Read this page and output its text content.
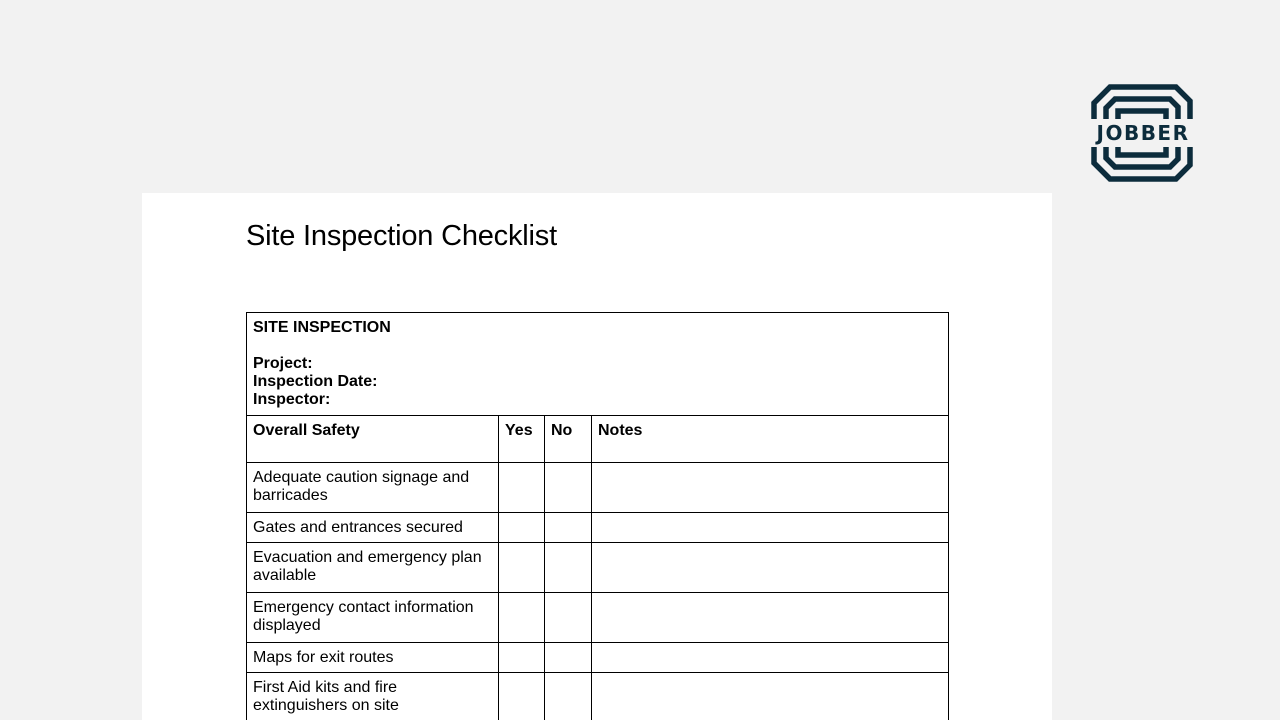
JOBBER
Site Inspection Checklist
SITE INSPECTION
Project:
Inspection Date:
Inspector:			

Overall Safety	Yes	No	Notes
Adequate caution signage and barricades			
Gates and entrances secured			
Evacuation and emergency plan available			
Emergency contact information displayed			
Maps for exit routes			
First Aid kits and fire extinguishers on site			
